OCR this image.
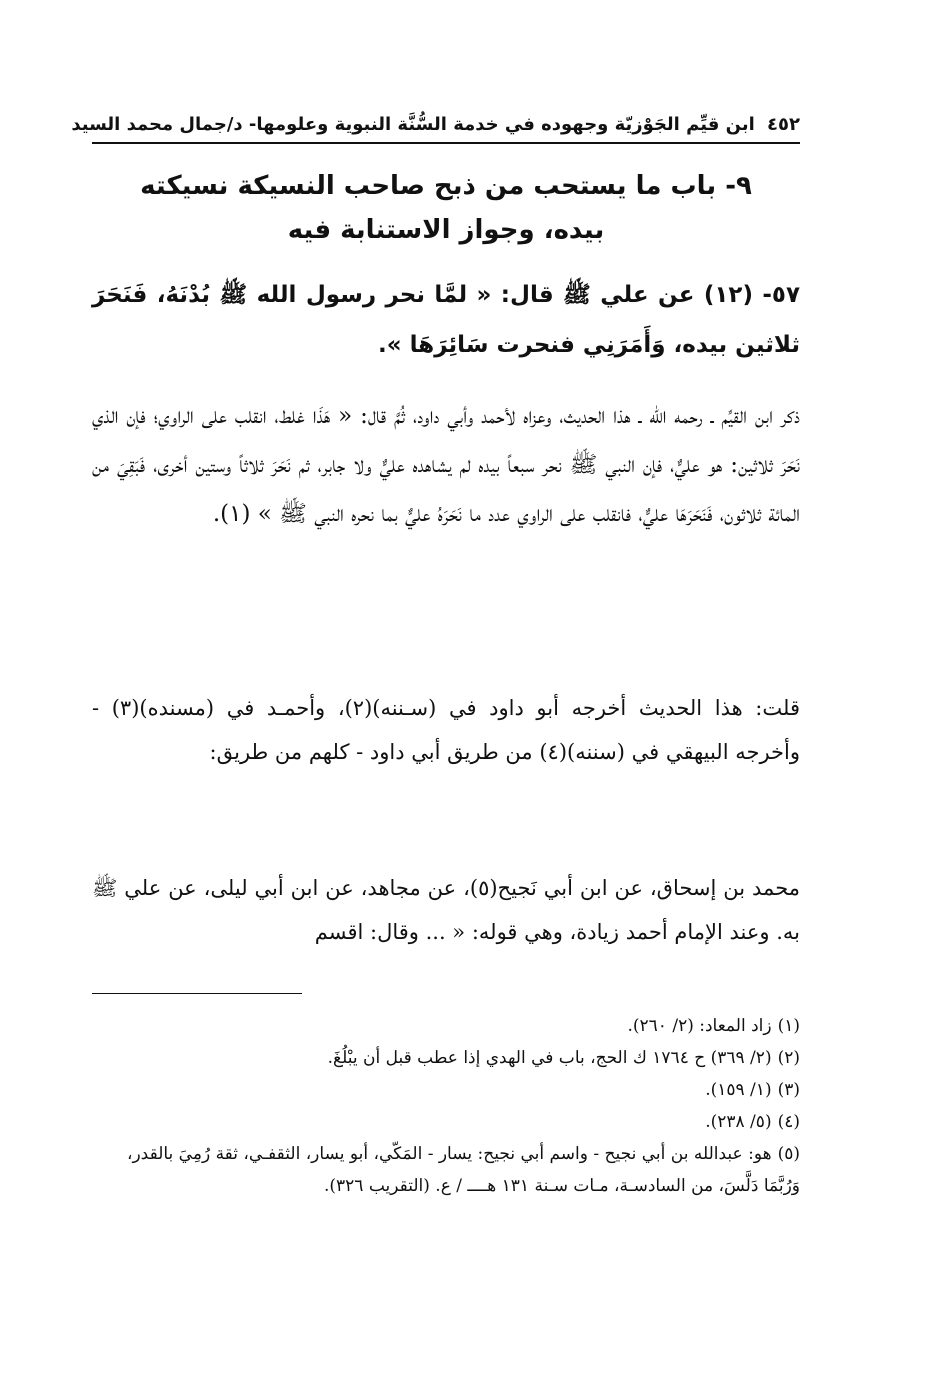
٤٥٢ ابن قيِّم الجَوْزيّة وجهوده في خدمة السُّنَّة النبوية وعلومها- د/جمال محمد السيد
٩- باب ما يستحب من ذبح صاحب النسيكة نسيكته بيده، وجواز الاستنابة فيه
٥٧- (١٢) عن علي ﷺ قال: « لمَّا نحر رسول الله ﷺ بُدْنَهُ، فَنَحَرَ ثلاثين بيده، وَأَمَرَنِي فنحرت سَائِرَهَا ».
ذكر ابن القيِّم ـ رحمه الله ـ هذا الحديث، وعزاه لأحمد وأبي داود، ثُمَّ قال: « هَذَا غلط، انقلب على الراوي؛ فإن الذي نَحَرَ ثلاثين: هو عليٌّ، فإن النبي ﷺ نحر سبعاً بيده لم يشاهده عليٌّ ولا جابر، ثم نَحَرَ ثلاثاً وستين أخرى، فَبَقِيَ من المائة ثلاثون، فَنَحَرَهَا عليٌّ، فانقلب على الراوي عدد ما نَحَرَهُ عليٌّ بما نحره النبي ﷺ » (١).
قلت: هذا الحديث أخرجه أبو داود في (سـننه)(٢)، وأحمـد في (مسنده)(٣) - وأخرجه البيهقي في (سننه)(٤) من طريق أبي داود - كلهم من طريق:
محمد بن إسحاق، عن ابن أبي نَجيح(٥)، عن مجاهد، عن ابن أبي ليلى، عن علي ﷺ به. وعند الإمام أحمد زيادة، وهي قوله: « ... وقال: اقسم
(١)زاد المعاد: (٢/ ٢٦٠).
(٢)(٢/ ٣٦٩) ح ١٧٦٤ ك الحج، باب في الهدي إذا عطب قبل أن يبْلُغَ.
(٣)(١/ ١٥٩).
(٤)(٥/ ٢٣٨).
(٥)هو: عبدالله بن أبي نجيح - واسم أبي نجيح: يسار - المَكّي، أبو يسار، الثقفـي، ثقة رُمِيَ بالقدر، وَرُبَّمَا دَلَّسَ، من السادسـة، مـات سـنة ١٣١ هــــ / ع. (التقريب ٣٢٦).
